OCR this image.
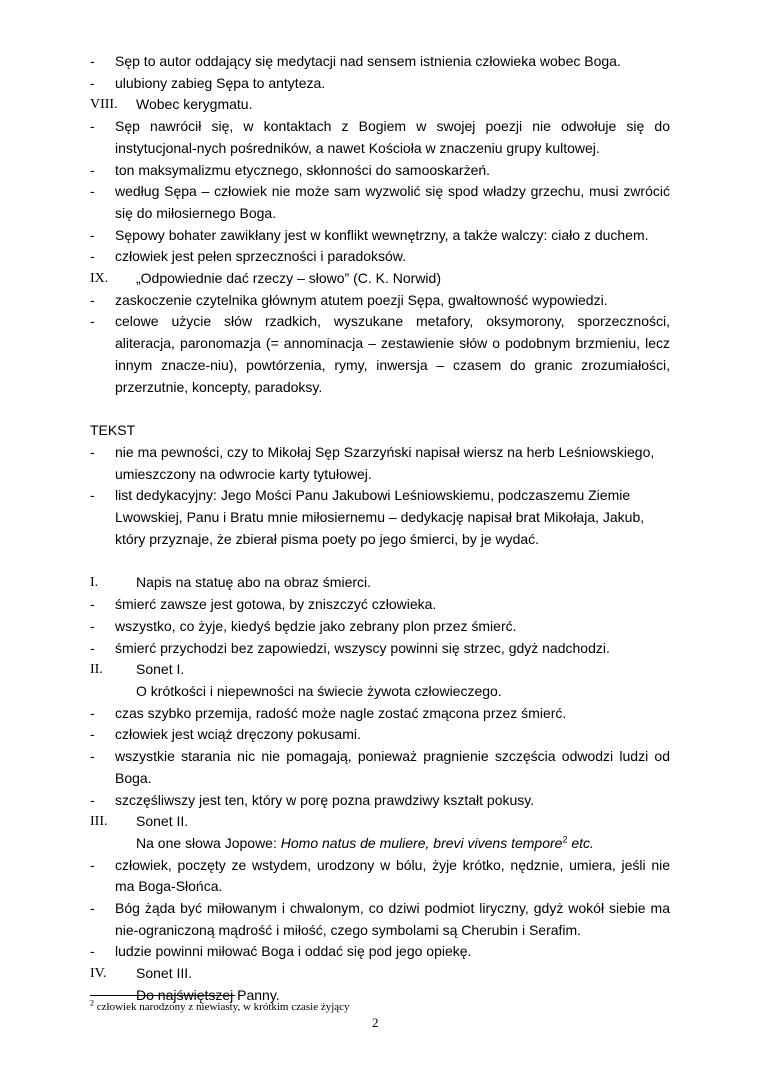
- Sęp to autor oddający się medytacji nad sensem istnienia człowieka wobec Boga.
- ulubiony zabieg Sępa to antyteza.
VIII. Wobec kerygmatu.
- Sęp nawrócił się, w kontaktach z Bogiem w swojej poezji nie odwołuje się do instytucjonal-nych pośredników, a nawet Kościoła w znaczeniu grupy kultowej.
- ton maksymalizmu etycznego, skłonności do samooskarżeń.
- według Sępa – człowiek nie może sam wyzwolić się spod władzy grzechu, musi zwrócić się do miłosiernego Boga.
- Sępowy bohater zawikłany jest w konflikt wewnętrzny, a także walczy: ciało z duchem.
- człowiek jest pełen sprzeczności i paradoksów.
IX. „Odpowiednie dać rzeczy – słowo” (C. K. Norwid)
- zaskoczenie czytelnika głównym atutem poezji Sępa, gwałtowność wypowiedzi.
- celowe użycie słów rzadkich, wyszukane metafory, oksymorony, sporzeczności, aliteracja, paronomazja (= annominacja – zestawienie słów o podobnym brzmieniu, lecz innym znacze-niu), powtórzenia, rymy, inwersja – czasem do granic zrozumiałości, przerzutnie, koncepty, paradoksy.
TEKST
- nie ma pewności, czy to Mikołaj Sęp Szarzyński napisał wiersz na herb Leśniowskiego, umieszczony na odwrocie karty tytułowej.
- list dedykacyjny: Jego Mości Panu Jakubowi Leśniowskiemu, podczaszemu Ziemie Lwowskiej, Panu i Bratu mnie miłosiernemu – dedykację napisał brat Mikołaja, Jakub, który przyznaje, że zbierał pisma poety po jego śmierci, by je wydać.
I.	Napis na statuę abo na obraz śmierci.
- śmierć zawsze jest gotowa, by zniszczyć człowieka.
- wszystko, co żyje, kiedyś będzie jako zebrany plon przez śmierć.
- śmierć przychodzi bez zapowiedzi, wszyscy powinni się strzec, gdyż nadchodzi.
II. Sonet I.
O krótkości i niepewności na świecie żywota człowieczego.
- czas szybko przemija, radość może nagle zostać zmącona przez śmierć.
- człowiek jest wciąż dręczony pokusami.
- wszystkie starania nic nie pomagają, ponieważ pragnienie szczęścia odwodzi ludzi od Boga.
- szczęśliwszy jest ten, który w porę pozna prawdziwy kształt pokusy.
III. Sonet II.
Na one słowa Jopowe: Homo natus de muliere, brevi vivens tempore$^2$ etc.
- człowiek, poczęty ze wstydem, urodzony w bólu, żyje krótko, nędznie, umiera, jeśli nie ma Boga-Słońca.
- Bóg żąda być miłowanym i chwalonym, co dziwi podmiot liryczny, gdyż wokół siebie ma nie-ograniczoną mądrość i miłość, czego symbolami są Cherubin i Serafim.
- ludzie powinni miłować Boga i oddać się pod jego opiekę.
IV. Sonet III.
Do najświętszej Panny.
$^2$ człowiek narodzony z niewiasty, w krótkim czasie żyjący
2
